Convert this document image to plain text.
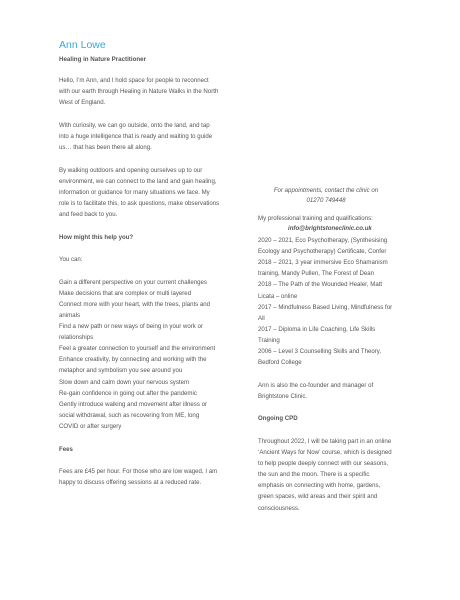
Ann Lowe
Healing in Nature Practitioner

Hello, I’m Ann, and I hold space for people to reconnect

with our earth through Healing in Nature Walks in the North

West of England.

With curiosity, we can go outside, onto the land, and tap

into a huge intelligence that is ready and waiting to guide

us… that has been there all along.

By walking outdoors and opening ourselves up to our

environment, we can connect to the land and gain healing,

information or guidance for many situations we face. My

role is to facilitate this, to ask questions, make observations

and feed back to you.

How might this help you?

You can:

Gain a different perspective on your current challenges

Make decisions that are complex or multi layered

Connect more with your heart, with the trees, plants and

animals

Find a new path or new ways of being in your work or

relationships

Feel a greater connection to yourself and the environment

Enhance creativity, by connecting and working with the

metaphor and symbolism you see around you

Slow down and calm down your nervous system

Re-gain confidence in going out after the pandemic

Gently introduce walking and movement after illness or

social withdrawal, such as recovering from ME, long

COVID or after surgery

Fees

Fees are £45 per hour. For those who are low waged, I am

happy to discuss offering sessions at a reduced rate.

For appointments, contact the clinic on
01270 749448

My professional training and qualifications:

2020 – 2021, Eco Psychotherapy, (Synthesising

Ecology and Psychotherapy) Certificate, Confer

2018 – 2021, 3 year immersive Eco Shamanism

training, Mandy Pullen, The Forest of Dean

2018 – The Path of the Wounded Healer, Matt

Licata – online

2017 – Mindfulness Based Living, Mindfulness for

All

2017 – Diploma in Life Coaching, Life Skills

Training

2006 – Level 3 Counselling Skills and Theory,

Bedford College

Ann is also the co-founder and manager of

Brightstone Clinic.

Ongoing CPD

Throughout 2022, I will be taking part in an online

‘Ancient Ways for Now’ course, which is designed

to help people deeply connect with our seasons,

the sun and the moon. There is a specific

emphasis on connecting with home, gardens,

green spaces, wild areas and their spirit and

consciousness.

info@brightstoneclinic.co.uk
